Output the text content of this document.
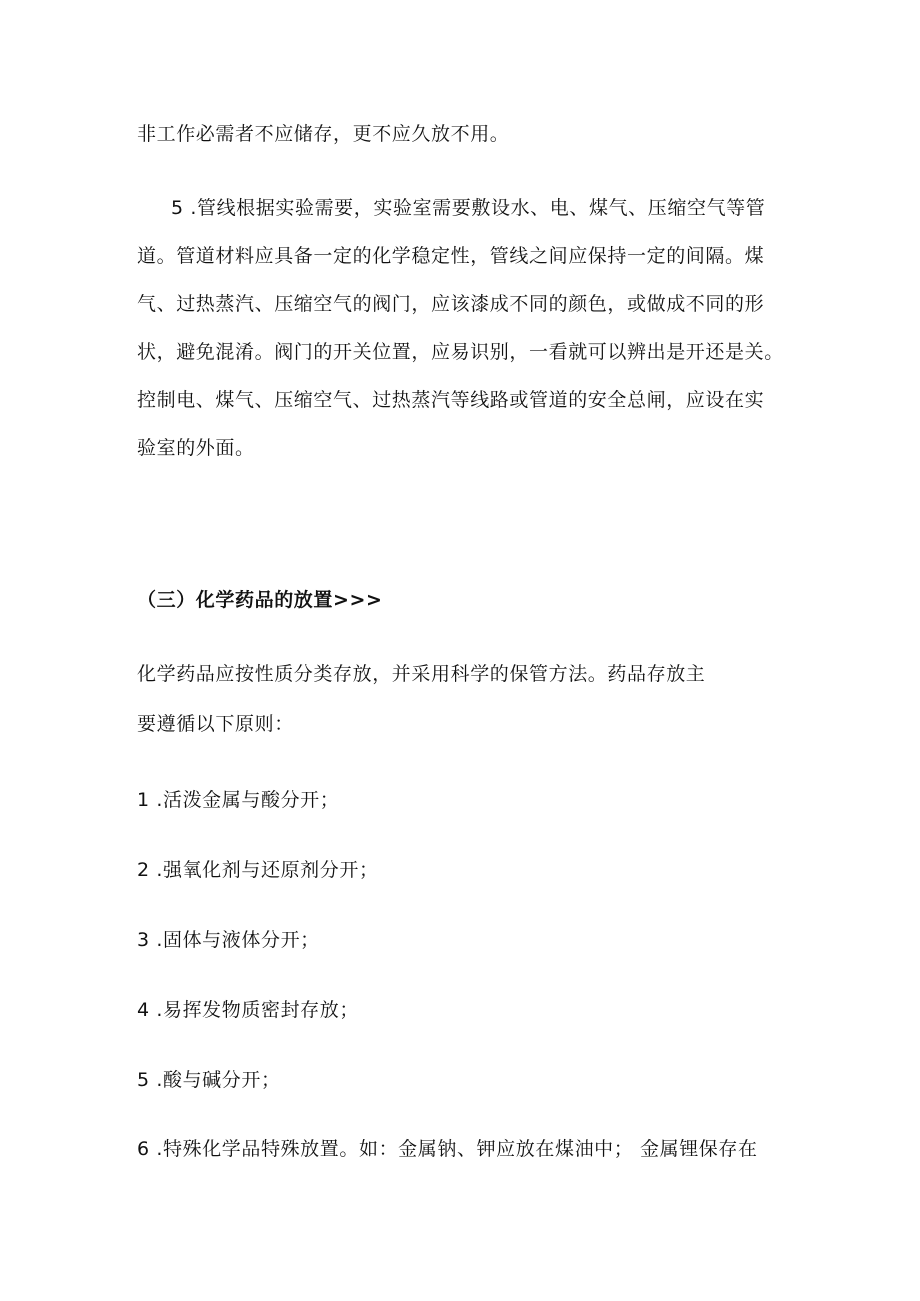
非工作必需者不应储存，更不应久放不用。
5 .管线根据实验需要，实验室需要敷设水、电、煤气、压缩空气等管
道。管道材料应具备一定的化学稳定性，管线之间应保持一定的间隔。煤
气、过热蒸汽、压缩空气的阀门，应该漆成不同的颜色，或做成不同的形
状，避免混淆。阀门的开关位置，应易识别，一看就可以辨出是开还是关。
控制电、煤气、压缩空气、过热蒸汽等线路或管道的安全总闸，应设在实
验室的外面。
（三）化学药品的放置>>>
化学药品应按性质分类存放，并采用科学的保管方法。药品存放主
要遵循以下原则：
1 .活泼金属与酸分开；
2 .强氧化剂与还原剂分开；
3 .固体与液体分开；
4 .易挥发物质密封存放；
5 .酸与碱分开；
6 .特殊化学品特殊放置。如：金属钠、钾应放在煤油中； 金属锂保存在
